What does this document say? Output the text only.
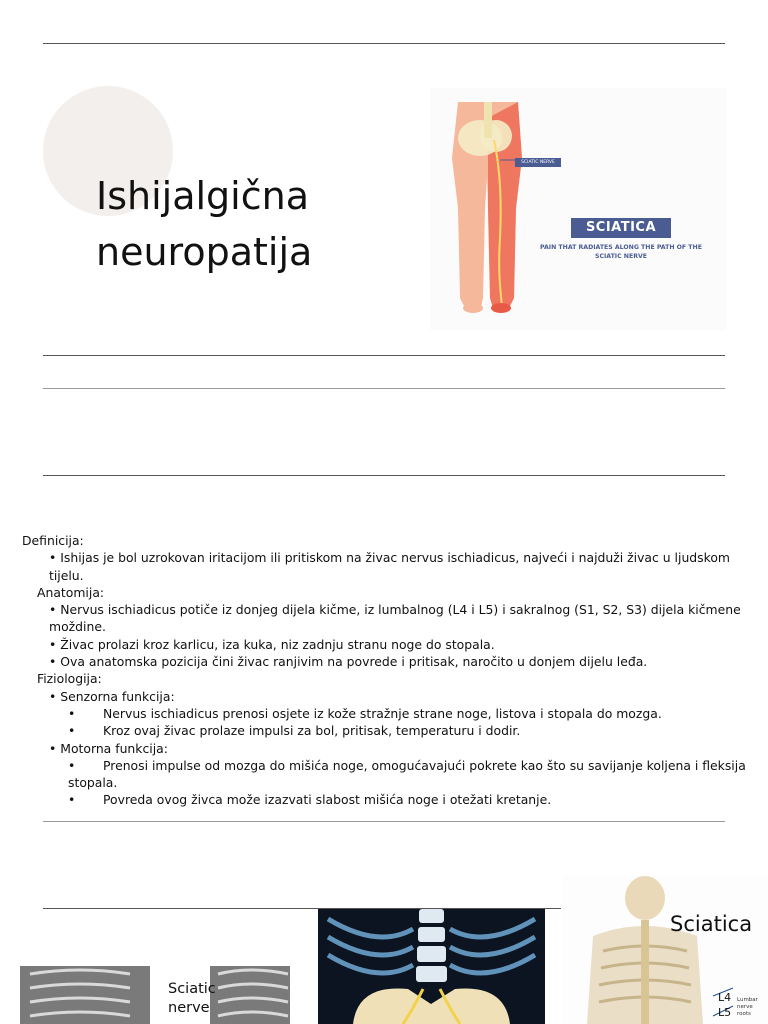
Ishijalgična
neuropatija
SCIATIC NERVE
SCIATICA
PAIN THAT RADIATES ALONG THE PATH OF THE SCIATIC NERVE
Definicija:
• Ishijas je bol uzrokovan iritacijom ili pritiskom na živac nervus ischiadicus, najveći i najduži živac u ljudskom tijelu.
Anatomija:
• Nervus ischiadicus potiče iz donjeg dijela kičme, iz lumbalnog (L4 i L5) i sakralnog (S1, S2, S3) dijela kičmene moždine.
• Živac prolazi kroz karlicu, iza kuka, niz zadnju stranu noge do stopala.
• Ova anatomska pozicija čini živac ranjivim na povrede i pritisak, naročito u donjem dijelu leđa.
Fiziologija:
• Senzorna funkcija:
• Nervus ischiadicus prenosi osjete iz kože stražnje strane noge, listova i stopala do mozga.
• Kroz ovaj živac prolaze impulsi za bol, pritisak, temperaturu i dodir.
• Motorna funkcija:
• Prenosi impulse od mozga do mišića noge, omogućavajući pokrete kao što su savijanje koljena i fleksija stopala.
• Povreda ovog živca može izazvati slabost mišića noge i otežati kretanje.
Sciatic
nerve
Sciatica
L4
L5
Lumbar
nerve roots
